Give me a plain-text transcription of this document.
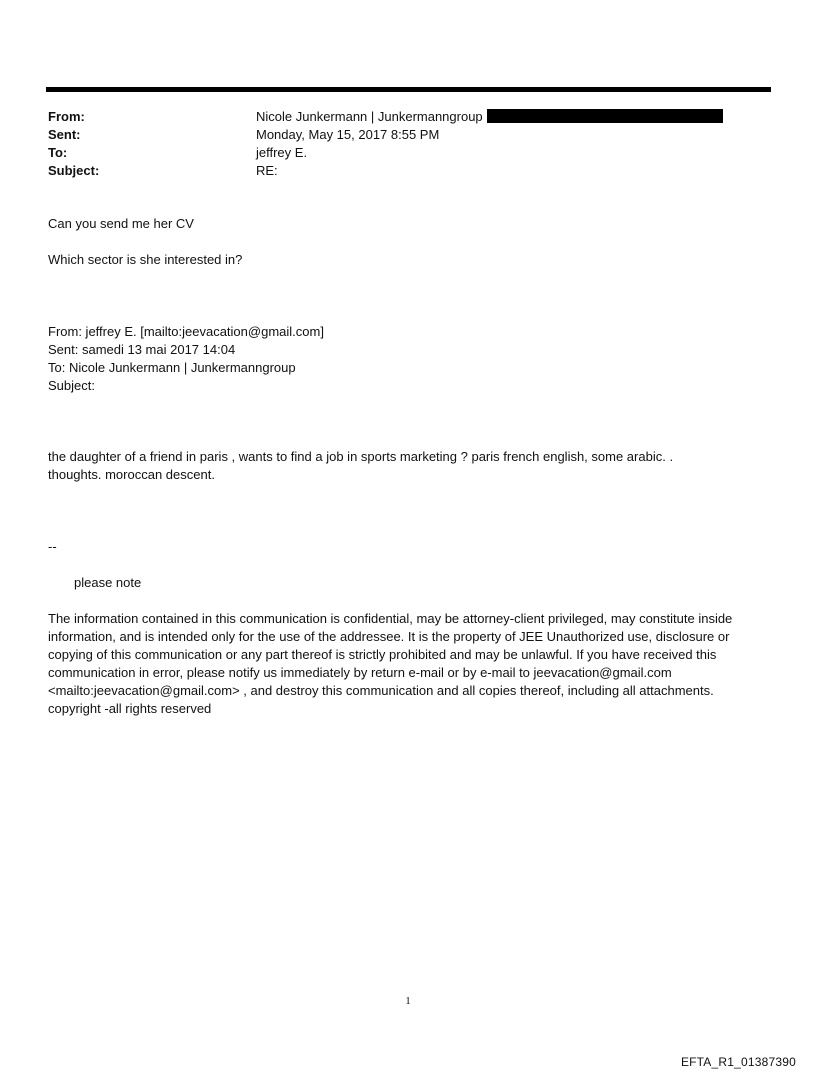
From:	Nicole Junkermann | Junkermanngroup
Sent:	Monday, May 15, 2017 8:55 PM
To:	jeffrey E.
Subject:	RE:

Can you send me her CV

Which sector is she interested in?

From: jeffrey E. [mailto:jeevacation@gmail.com]
Sent: samedi 13 mai 2017 14:04
To: Nicole Junkermann | Junkermanngroup
Subject:
the daughter of a friend in paris , wants to find a job in sports marketing ? paris french english, some arabic. .
thoughts. moroccan descent.

--

please note

The information contained in this communication is confidential, may be attorney-client privileged, may constitute inside information, and is intended only for the use of the addressee. It is the property of JEE Unauthorized use, disclosure or copying of this communication or any part thereof is strictly prohibited and may be unlawful. If you have received this communication in error, please notify us immediately by return e-mail or by e-mail to jeevacation@gmail.com <mailto:jeevacation@gmail.com> , and destroy this communication and all copies thereof, including all attachments. copyright -all rights reserved

1
EFTA_R1_01387390
